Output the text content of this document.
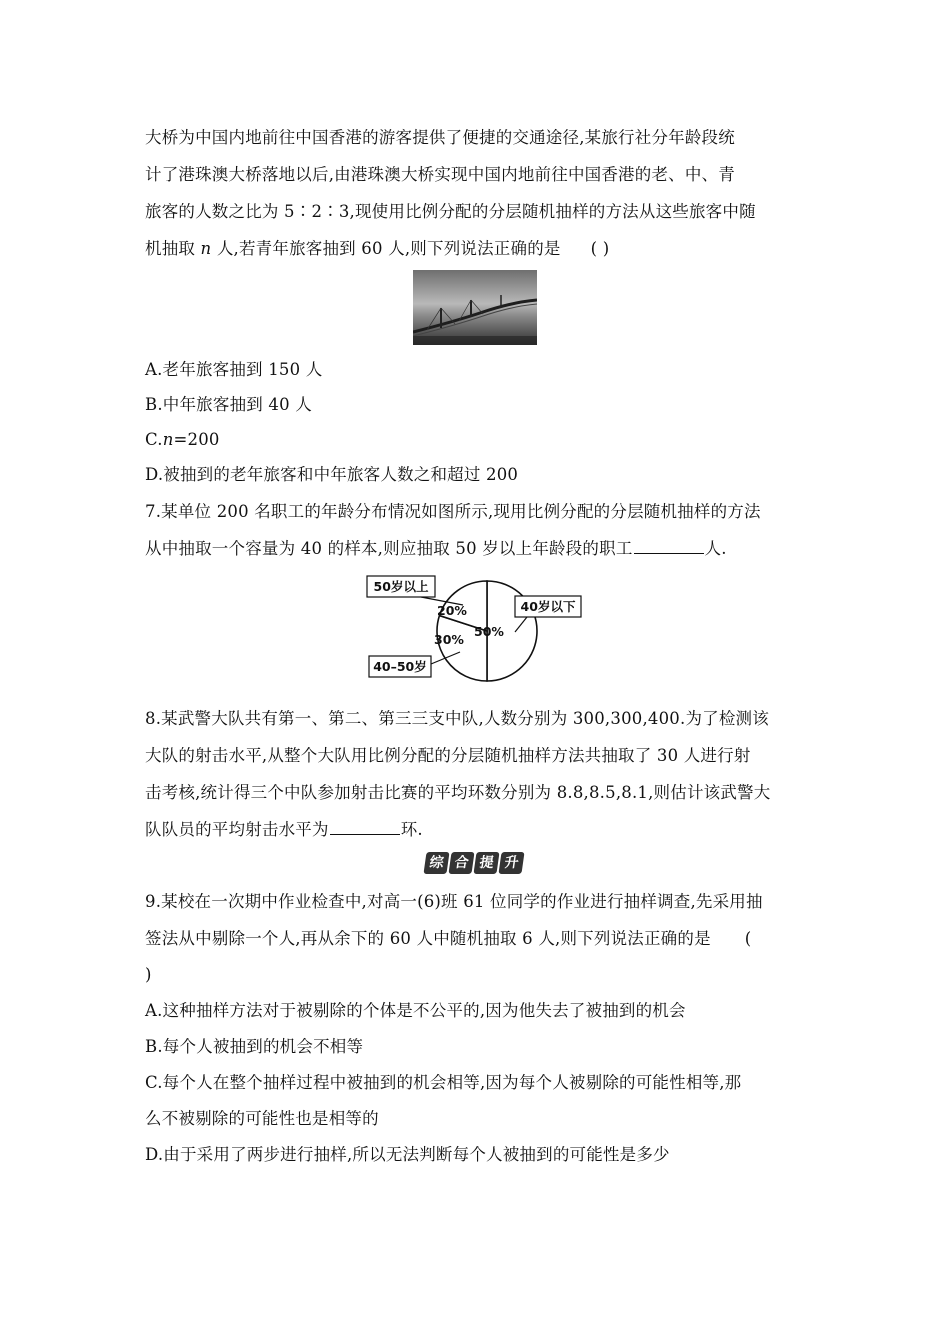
大桥为中国内地前往中国香港的游客提供了便捷的交通途径,某旅行社分年龄段统
计了港珠澳大桥落地以后,由港珠澳大桥实现中国内地前往中国香港的老、中、青
旅客的人数之比为 5∶2∶3,现使用比例分配的分层随机抽样的方法从这些旅客中随
机抽取 n 人,若青年旅客抽到 60 人,则下列说法正确的是 ( )
A.老年旅客抽到 150 人
B.中年旅客抽到 40 人
C.n=200
D.被抽到的老年旅客和中年旅客人数之和超过 200
7.某单位 200 名职工的年龄分布情况如图所示,现用比例分配的分层随机抽样的方法
从中抽取一个容量为 40 的样本,则应抽取 50 岁以上年龄段的职工	人.
50%
30%
20%	40岁以下
40–50岁
50岁以上
8.某武警大队共有第一、第二、第三三支中队,人数分别为 300,300,400.为了检测该
大队的射击水平,从整个大队用比例分配的分层随机抽样方法共抽取了 30 人进行射
击考核,统计得三个中队参加射击比赛的平均环数分别为 8.8,8.5,8.1,则估计该武警大
队队员的平均射击水平为	环.
综 合 提 升
9.某校在一次期中作业检查中,对高一(6)班 61 位同学的作业进行抽样调查,先采用抽
签法从中剔除一个人,再从余下的 60 人中随机抽取 6 人,则下列说法正确的是 (
)
A.这种抽样方法对于被剔除的个体是不公平的,因为他失去了被抽到的机会
B.每个人被抽到的机会不相等
C.每个人在整个抽样过程中被抽到的机会相等,因为每个人被剔除的可能性相等,那
么不被剔除的可能性也是相等的
D.由于采用了两步进行抽样,所以无法判断每个人被抽到的可能性是多少
